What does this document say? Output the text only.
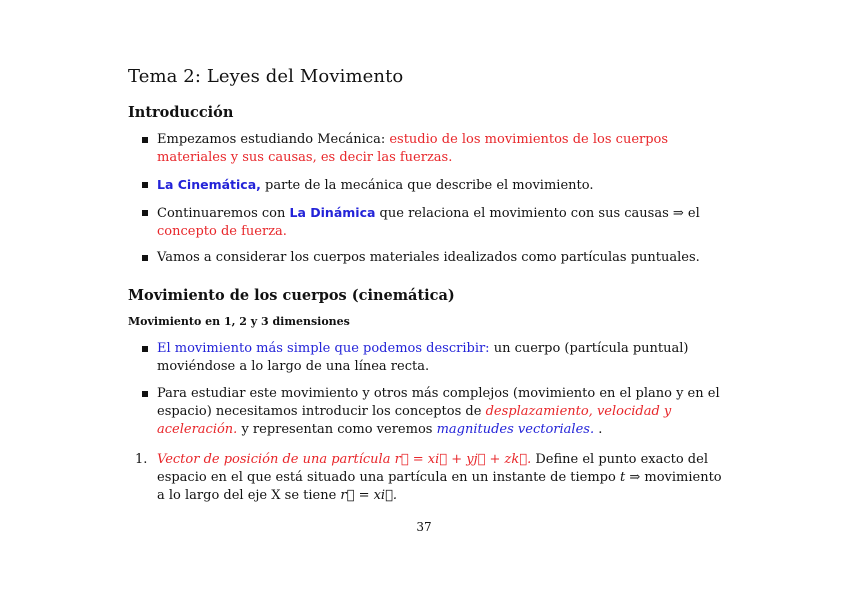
Tema 2: Leyes del Movimento
Introducción

Empezamos estudiando Mecánica: estudio de los movimientos de los cuerpos materiales y sus causas, es decir las fuerzas.

La Cinemática, parte de la mecánica que describe el movimiento.

Continuaremos con La Dinámica que relaciona el movimiento con sus causas ⇒ el concepto de fuerza.

Vamos a considerar los cuerpos materiales idealizados como partículas puntuales.

Movimiento de los cuerpos (cinemática)
Movimiento en 1, 2 y 3 dimensiones

El movimiento más simple que podemos describir: un cuerpo (partícula puntual) moviéndose a lo largo de una línea recta.

Para estudiar este movimiento y otros más complejos (movimiento en el plano y en el espacio) necesitamos introducir los conceptos de desplazamiento, velocidad y aceleración. y representan como veremos magnitudes vectoriales. .

1. Vector de posición de una partícula r⃗ = xi⃗ + yj⃗ + zk⃗. Define el punto exacto del espacio en el que está situado una partícula en un instante de tiempo t ⇒ movimiento a lo largo del eje X se tiene r⃗ = xi⃗.

37
